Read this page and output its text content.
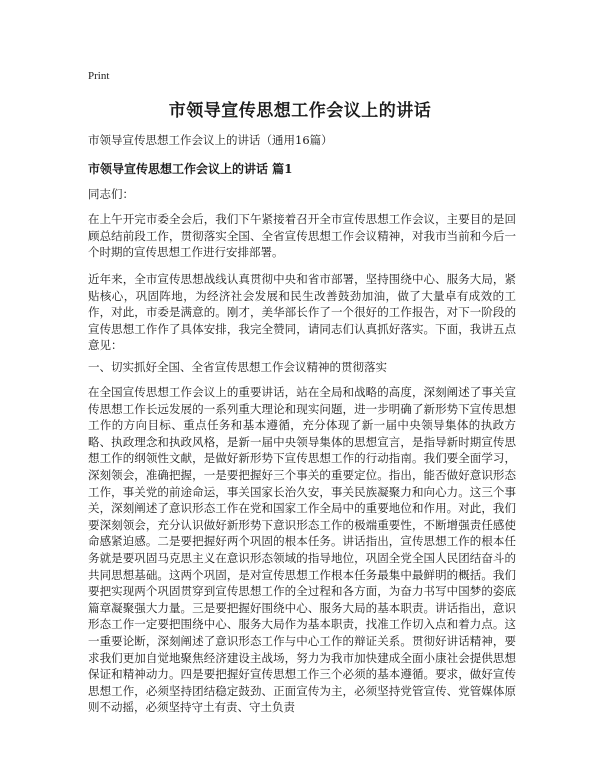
Print
市领导宣传思想工作会议上的讲话

市领导宣传思想工作会议上的讲话（通用16篇）

市领导宣传思想工作会议上的讲话 篇1

同志们：

在上午开完市委全会后，我们下午紧接着召开全市宣传思想工作会议，主要目的是回顾总结前段工作，贯彻落实全国、全省宣传思想工作会议精神，对我市当前和今后一个时期的宣传思想工作进行安排部署。

近年来，全市宣传思想战线认真贯彻中央和省市部署，坚持围绕中心、服务大局，紧贴核心，巩固阵地，为经济社会发展和民生改善鼓劲加油，做了大量卓有成效的工作，对此，市委是满意的。刚才，美华部长作了一个很好的工作报告，对下一阶段的宣传思想工作作了具体安排，我完全赞同，请同志们认真抓好落实。下面，我讲五点意见：

一、切实抓好全国、全省宣传思想工作会议精神的贯彻落实

在全国宣传思想工作会议上的重要讲话，站在全局和战略的高度，深刻阐述了事关宣传思想工作长远发展的一系列重大理论和现实问题，进一步明确了新形势下宣传思想工作的方向目标、重点任务和基本遵循，充分体现了新一届中央领导集体的执政方略、执政理念和执政风格，是新一届中央领导集体的思想宣言，是指导新时期宣传思想工作的纲领性文献，是做好新形势下宣传思想工作的行动指南。我们要全面学习，深刻领会，准确把握，一是要把握好三个事关的重要定位。指出，能否做好意识形态工作，事关党的前途命运，事关国家长治久安，事关民族凝聚力和向心力。这三个事关，深刻阐述了意识形态工作在党和国家工作全局中的重要地位和作用。对此，我们要深刻领会，充分认识做好新形势下意识形态工作的极端重要性，不断增强责任感使命感紧迫感。二是要把握好两个巩固的根本任务。讲话指出，宣传思想工作的根本任务就是要巩固马克思主义在意识形态领域的指导地位，巩固全党全国人民团结奋斗的共同思想基础。这两个巩固，是对宣传思想工作根本任务最集中最鲜明的概括。我们要把实现两个巩固贯穿到宣传思想工作的全过程和各方面，为奋力书写中国梦的姿底篇章凝聚强大力量。三是要把握好围绕中心、服务大局的基本职责。讲话指出，意识形态工作一定要把围绕中心、服务大局作为基本职责，找准工作切入点和着力点。这一重要论断，深刻阐述了意识形态工作与中心工作的辩证关系。贯彻好讲话精神，要求我们更加自觉地聚焦经济建设主战场，努力为我市加快建成全面小康社会提供思想保证和精神动力。四是要把握好宣传思想工作三个必须的基本遵循。要求，做好宣传思想工作，必须坚持团结稳定鼓劲、正面宣传为主，必须坚持党管宣传、党管媒体原则不动摇，必须坚持守土有责、守土负责
